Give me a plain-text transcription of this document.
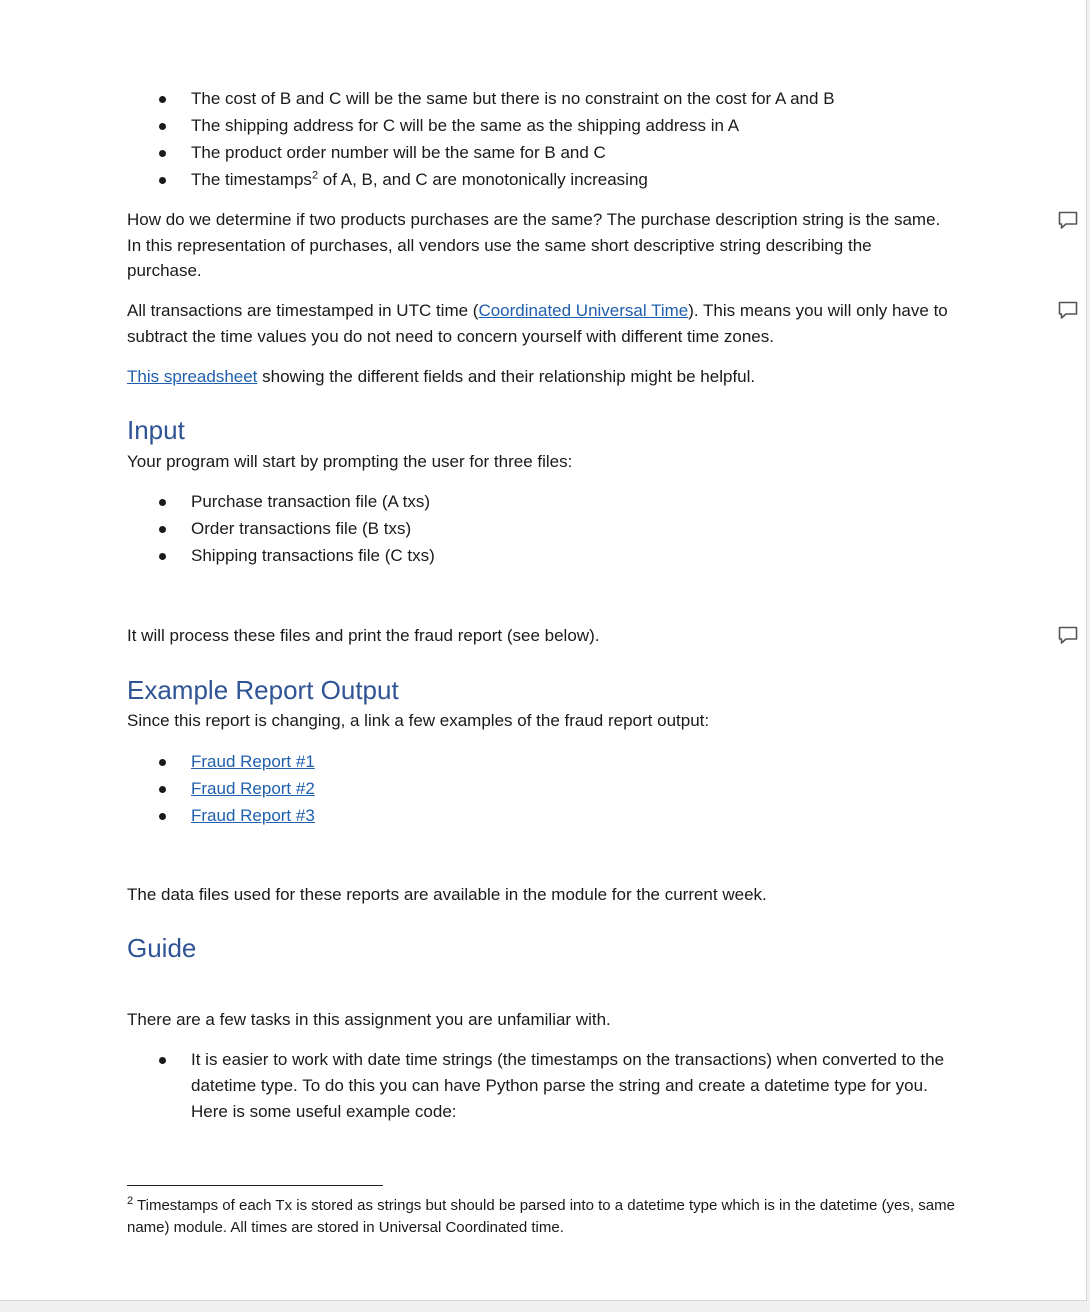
The cost of B and C will be the same but there is no constraint on the cost for A and B
The shipping address for C will be the same as the shipping address in A
The product order number will be the same for B and C
The timestamps$^2$ of A, B, and C are monotonically increasing
How do we determine if two products purchases are the same? The purchase description string is the same. In this representation of purchases, all vendors use the same short descriptive string describing the purchase.
All transactions are timestamped in UTC time (Coordinated Universal Time). This means you will only have to subtract the time values you do not need to concern yourself with different time zones.
This spreadsheet showing the different fields and their relationship might be helpful.
Input
Your program will start by prompting the user for three files:
Purchase transaction file (A txs)
Order transactions file (B txs)
Shipping transactions file (C txs)
It will process these files and print the fraud report (see below).
Example Report Output
Since this report is changing, a link a few examples of the fraud report output:
Fraud Report #1
Fraud Report #2
Fraud Report #3
The data files used for these reports are available in the module for the current week.
Guide
There are a few tasks in this assignment you are unfamiliar with.
It is easier to work with date time strings (the timestamps on the transactions) when converted to the datetime type. To do this you can have Python parse the string and create a datetime type for you. Here is some useful example code:
$^2$ Timestamps of each Tx is stored as strings but should be parsed into to a datetime type which is in the datetime (yes, same name) module. All times are stored in Universal Coordinated time.
